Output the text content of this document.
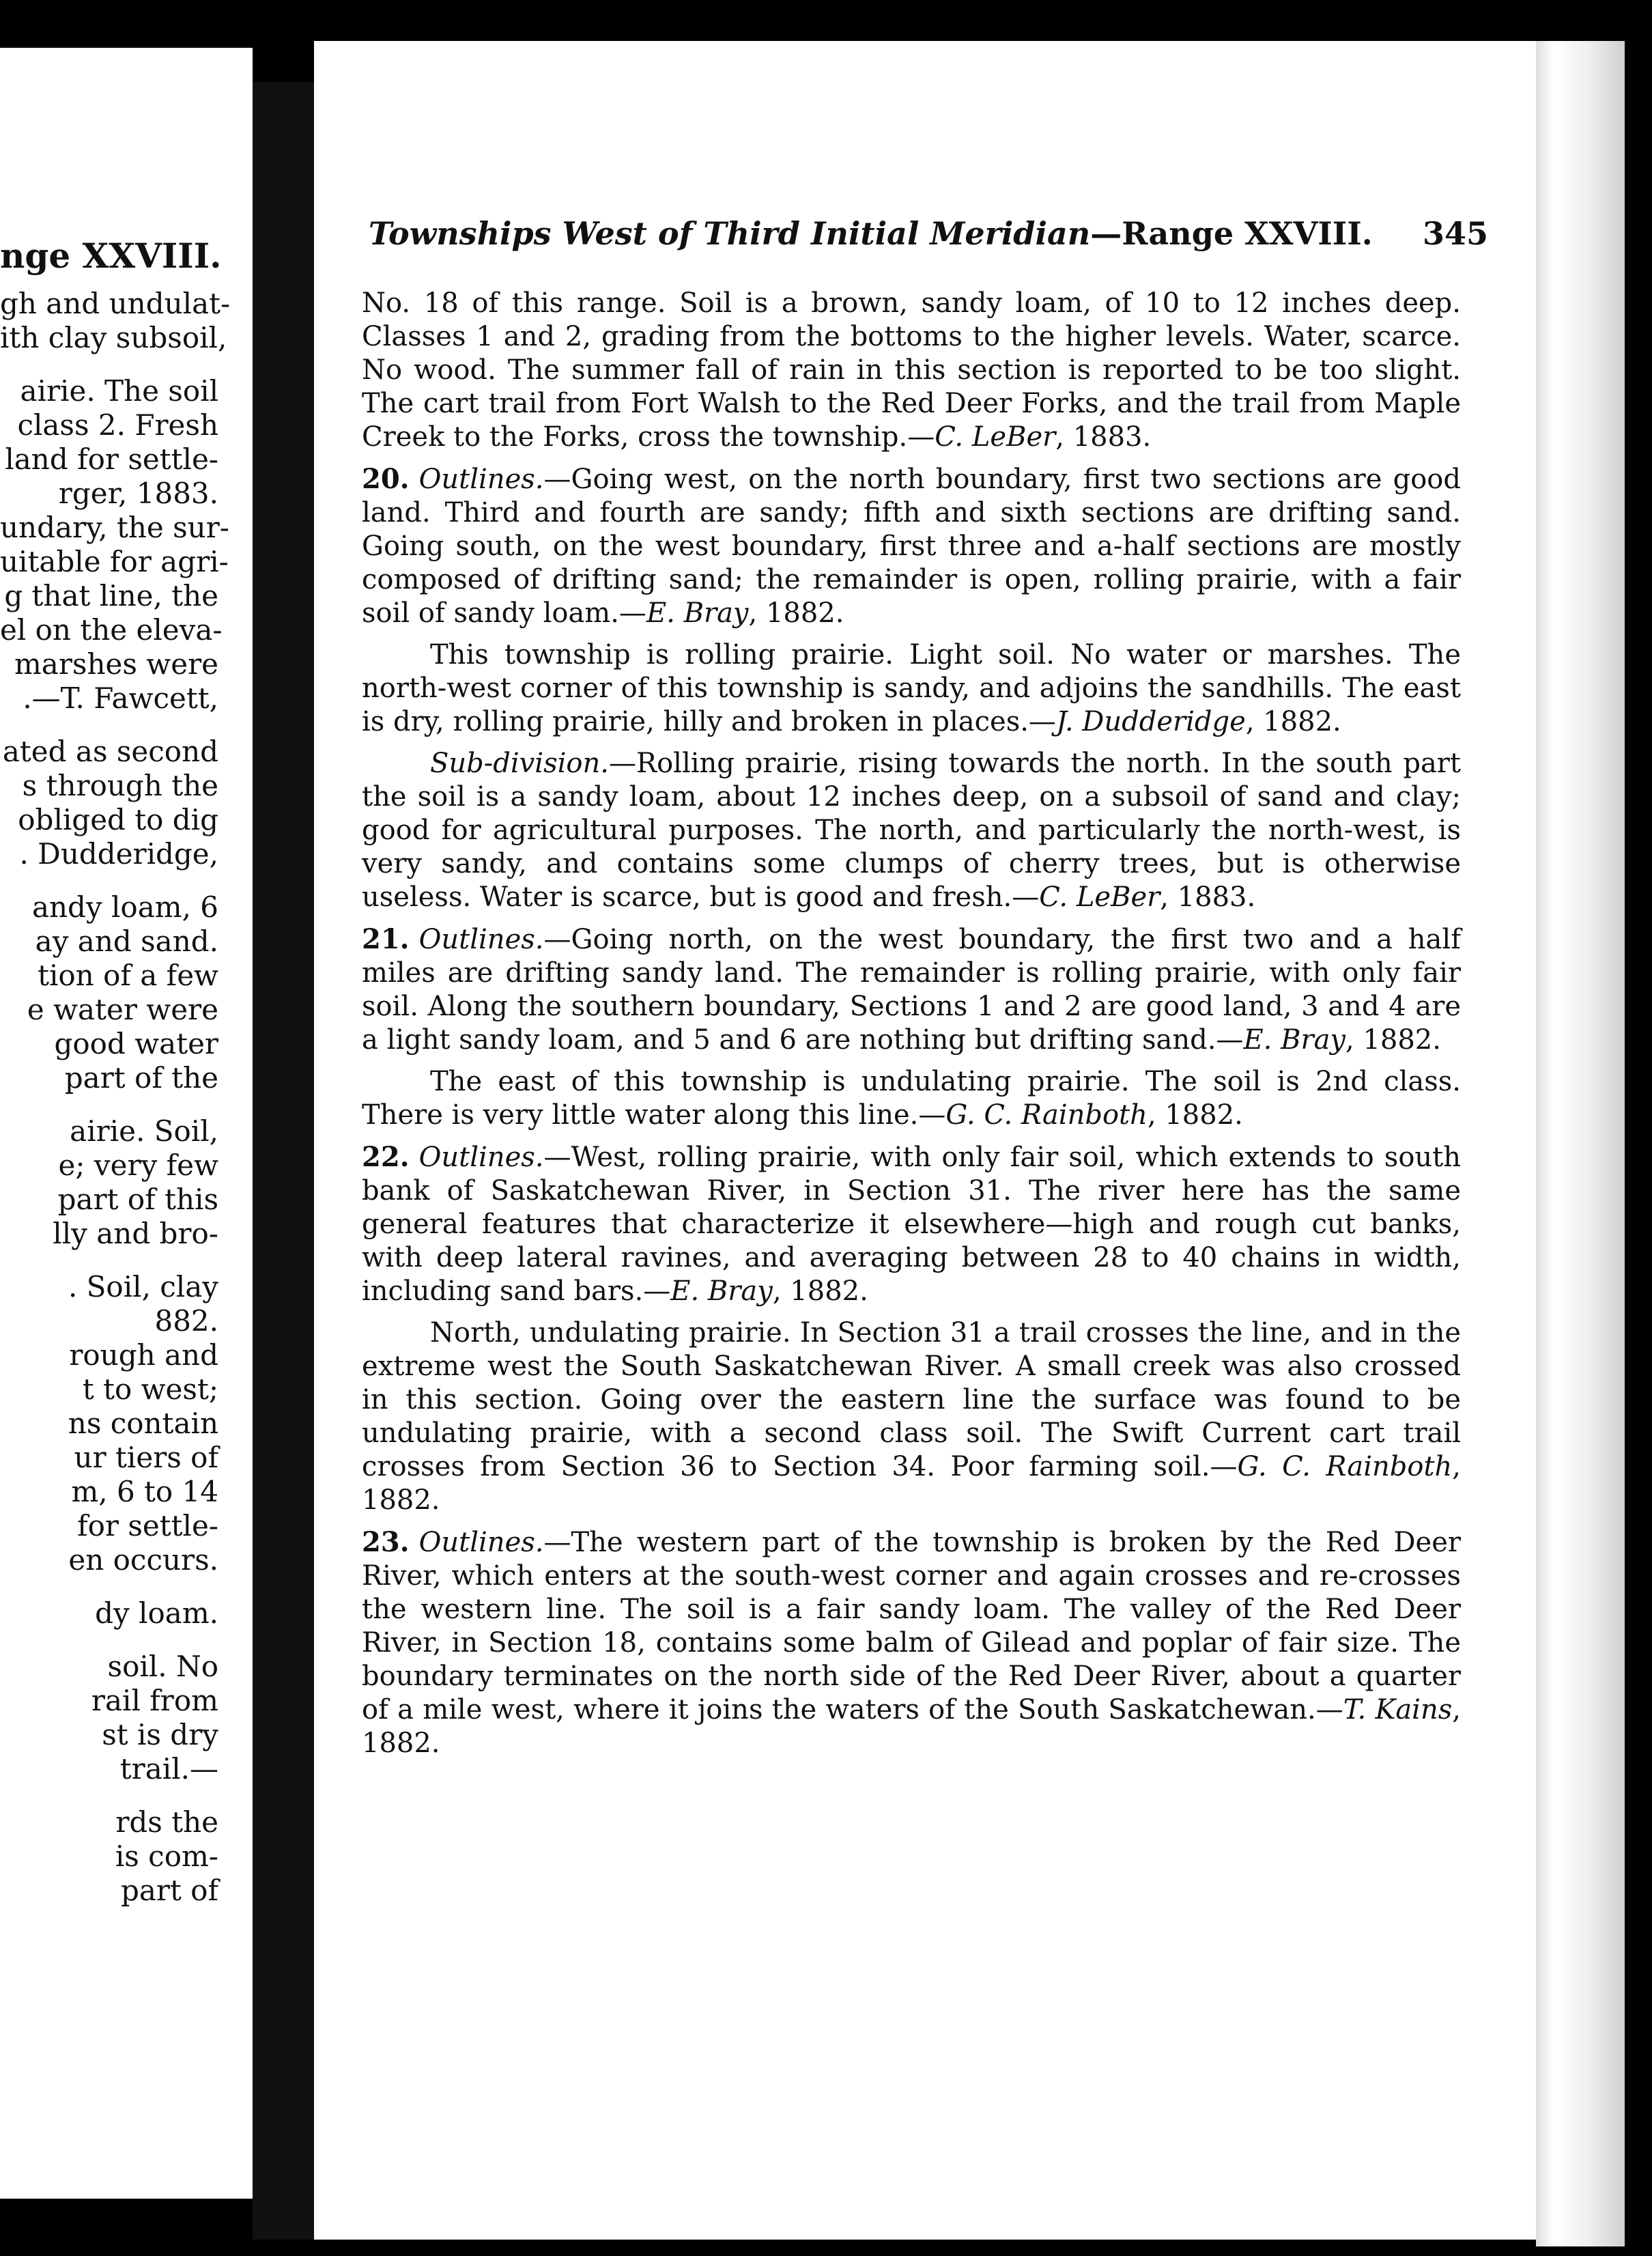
nge XXVIII.
gh and undulat-
ith clay subsoil,
airie. The soil
class 2. Fresh
land for settle-
rger, 1883.
undary, the sur-
uitable for agri-
g that line, the
el on the eleva-
marshes were
.—T. Fawcett,
ated as second
s through the
obliged to dig
. Dudderidge,
andy loam, 6
ay and sand.
tion of a few
e water were
good water
part of the
airie. Soil,
e; very few
part of this
lly and bro-
. Soil, clay
882.
rough and
t to west;
ns contain
ur tiers of
m, 6 to 14
for settle-
en occurs.
dy loam.
soil. No
rail from
st is dry
trail.—
rds the
is com-
part of
Townships West of Third Initial Meridian—Range XXVIII. 345

No. 18 of this range. Soil is a brown, sandy loam, of 10 to 12 inches deep. Classes 1 and 2, grading from the bottoms to the higher levels. Water, scarce. No wood. The summer fall of rain in this section is reported to be too slight. The cart trail from Fort Walsh to the Red Deer Forks, and the trail from Maple Creek to the Forks, cross the township.—C. LeBer, 1883.

20. Outlines.—Going west, on the north boundary, first two sections are good land. Third and fourth are sandy; fifth and sixth sections are drifting sand. Going south, on the west boundary, first three and a-half sections are mostly composed of drifting sand; the remainder is open, rolling prairie, with a fair soil of sandy loam.—E. Bray, 1882.

This township is rolling prairie. Light soil. No water or marshes. The north-west corner of this township is sandy, and adjoins the sandhills. The east is dry, rolling prairie, hilly and broken in places.—J. Dudderidge, 1882.

Sub-division.—Rolling prairie, rising towards the north. In the south part the soil is a sandy loam, about 12 inches deep, on a subsoil of sand and clay; good for agricultural purposes. The north, and particularly the north-west, is very sandy, and contains some clumps of cherry trees, but is otherwise useless. Water is scarce, but is good and fresh.—C. LeBer, 1883.

21. Outlines.—Going north, on the west boundary, the first two and a half miles are drifting sandy land. The remainder is rolling prairie, with only fair soil. Along the southern boundary, Sections 1 and 2 are good land, 3 and 4 are a light sandy loam, and 5 and 6 are nothing but drifting sand.—E. Bray, 1882.

The east of this township is undulating prairie. The soil is 2nd class. There is very little water along this line.—G. C. Rainboth, 1882.

22. Outlines.—West, rolling prairie, with only fair soil, which extends to south bank of Saskatchewan River, in Section 31. The river here has the same general features that characterize it elsewhere—high and rough cut banks, with deep lateral ravines, and averaging between 28 to 40 chains in width, including sand bars.—E. Bray, 1882.

North, undulating prairie. In Section 31 a trail crosses the line, and in the extreme west the South Saskatchewan River. A small creek was also crossed in this section. Going over the eastern line the surface was found to be undulating prairie, with a second class soil. The Swift Current cart trail crosses from Section 36 to Section 34. Poor farming soil.—G. C. Rainboth, 1882.

23. Outlines.—The western part of the township is broken by the Red Deer River, which enters at the south-west corner and again crosses and re-crosses the western line. The soil is a fair sandy loam. The valley of the Red Deer River, in Section 18, contains some balm of Gilead and poplar of fair size. The boundary terminates on the north side of the Red Deer River, about a quarter of a mile west, where it joins the waters of the South Saskatchewan.—T. Kains, 1882.
